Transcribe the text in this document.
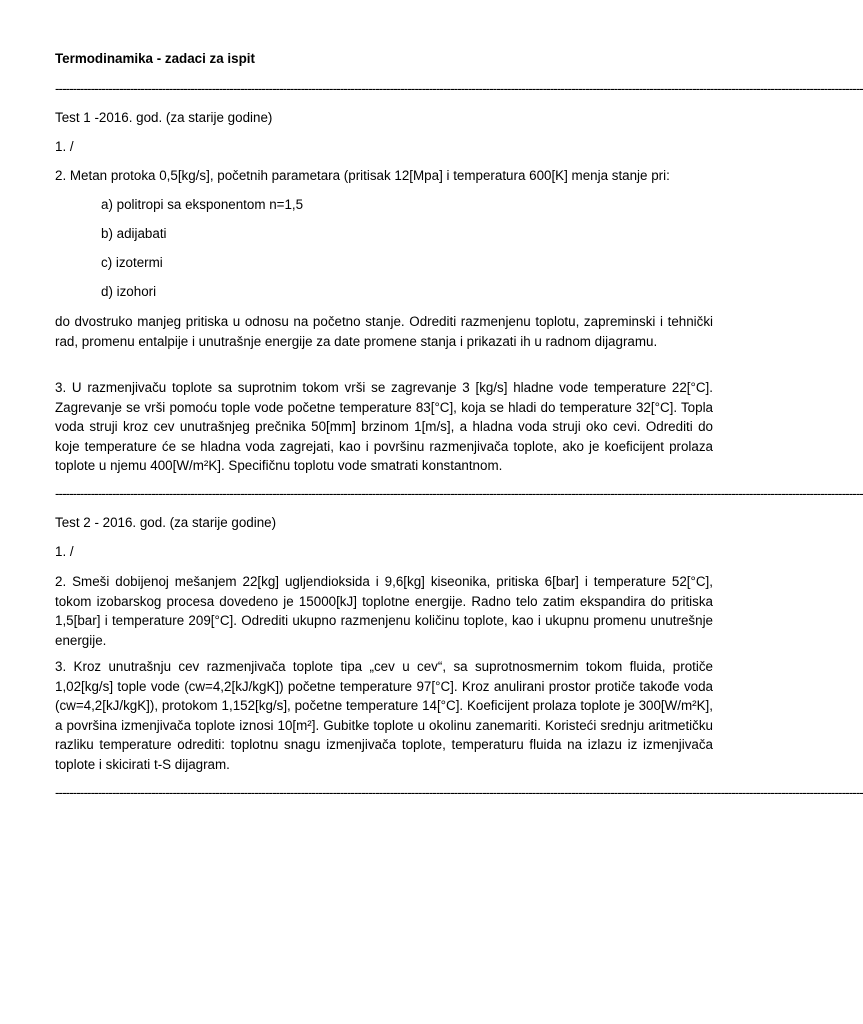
Termodinamika - zadaci za ispit
-----------------------------------------------------------------------------------------------------------------------------------------------------------------------------------------------------------------------------------
Test 1 -2016. god. (za starije godine)
1. /
2. Metan protoka 0,5[kg/s], početnih parametara (pritisak 12[Mpa] i temperatura 600[K] menja stanje pri:
a) politropi sa eksponentom n=1,5
b) adijabati
c) izotermi
d) izohori
do dvostruko manjeg pritiska u odnosu na početno stanje. Odrediti razmenjenu toplotu, zapreminski i tehnički rad, promenu entalpije i unutrašnje energije za date promene stanja i prikazati ih u radnom dijagramu.
3. U razmenjivaču toplote sa suprotnim tokom vrši se zagrevanje 3 [kg/s] hladne vode temperature 22[°C]. Zagrevanje se vrši pomoću tople vode početne temperature 83[°C], koja se hladi do temperature 32[°C]. Topla voda struji kroz cev unutrašnjeg prečnika 50[mm] brzinom 1[m/s], a hladna voda struji oko cevi. Odrediti do koje temperature će se hladna voda zagrejati, kao i površinu razmenjivača toplote, ako je koeficijent prolaza toplote u njemu 400[W/m²K]. Specifičnu toplotu vode smatrati konstantnom.
-----------------------------------------------------------------------------------------------------------------------------------------------------------------------------------------------------------------------------------
Test 2 - 2016. god. (za starije godine)
1. /
2. Smeši dobijenoj mešanjem 22[kg] ugljendioksida i 9,6[kg] kiseonika, pritiska 6[bar] i temperature 52[°C], tokom izobarskog procesa dovedeno je 15000[kJ] toplotne energije. Radno telo zatim ekspandira do pritiska 1,5[bar] i temperature 209[°C]. Odrediti ukupno razmenjenu količinu toplote, kao i ukupnu promenu unutrešnje energije.
3. Kroz unutrašnju cev razmenjivača toplote tipa „cev u cev“, sa suprotnosmernim tokom fluida, protiče 1,02[kg/s] tople vode (cw=4,2[kJ/kgK]) početne temperature 97[°C]. Kroz anulirani prostor protiče takođe voda (cw=4,2[kJ/kgK]), protokom 1,152[kg/s], početne temperature 14[°C]. Koeficijent prolaza toplote je 300[W/m²K], a površina izmenjivača toplote iznosi 10[m²]. Gubitke toplote u okolinu zanemariti. Koristeći srednju aritmetičku razliku temperature odrediti: toplotnu snagu izmenjivača toplote, temperaturu fluida na izlazu iz izmenjivača toplote i skicirati t-S dijagram.
-----------------------------------------------------------------------------------------------------------------------------------------------------------------------------------------------------------------------------------
